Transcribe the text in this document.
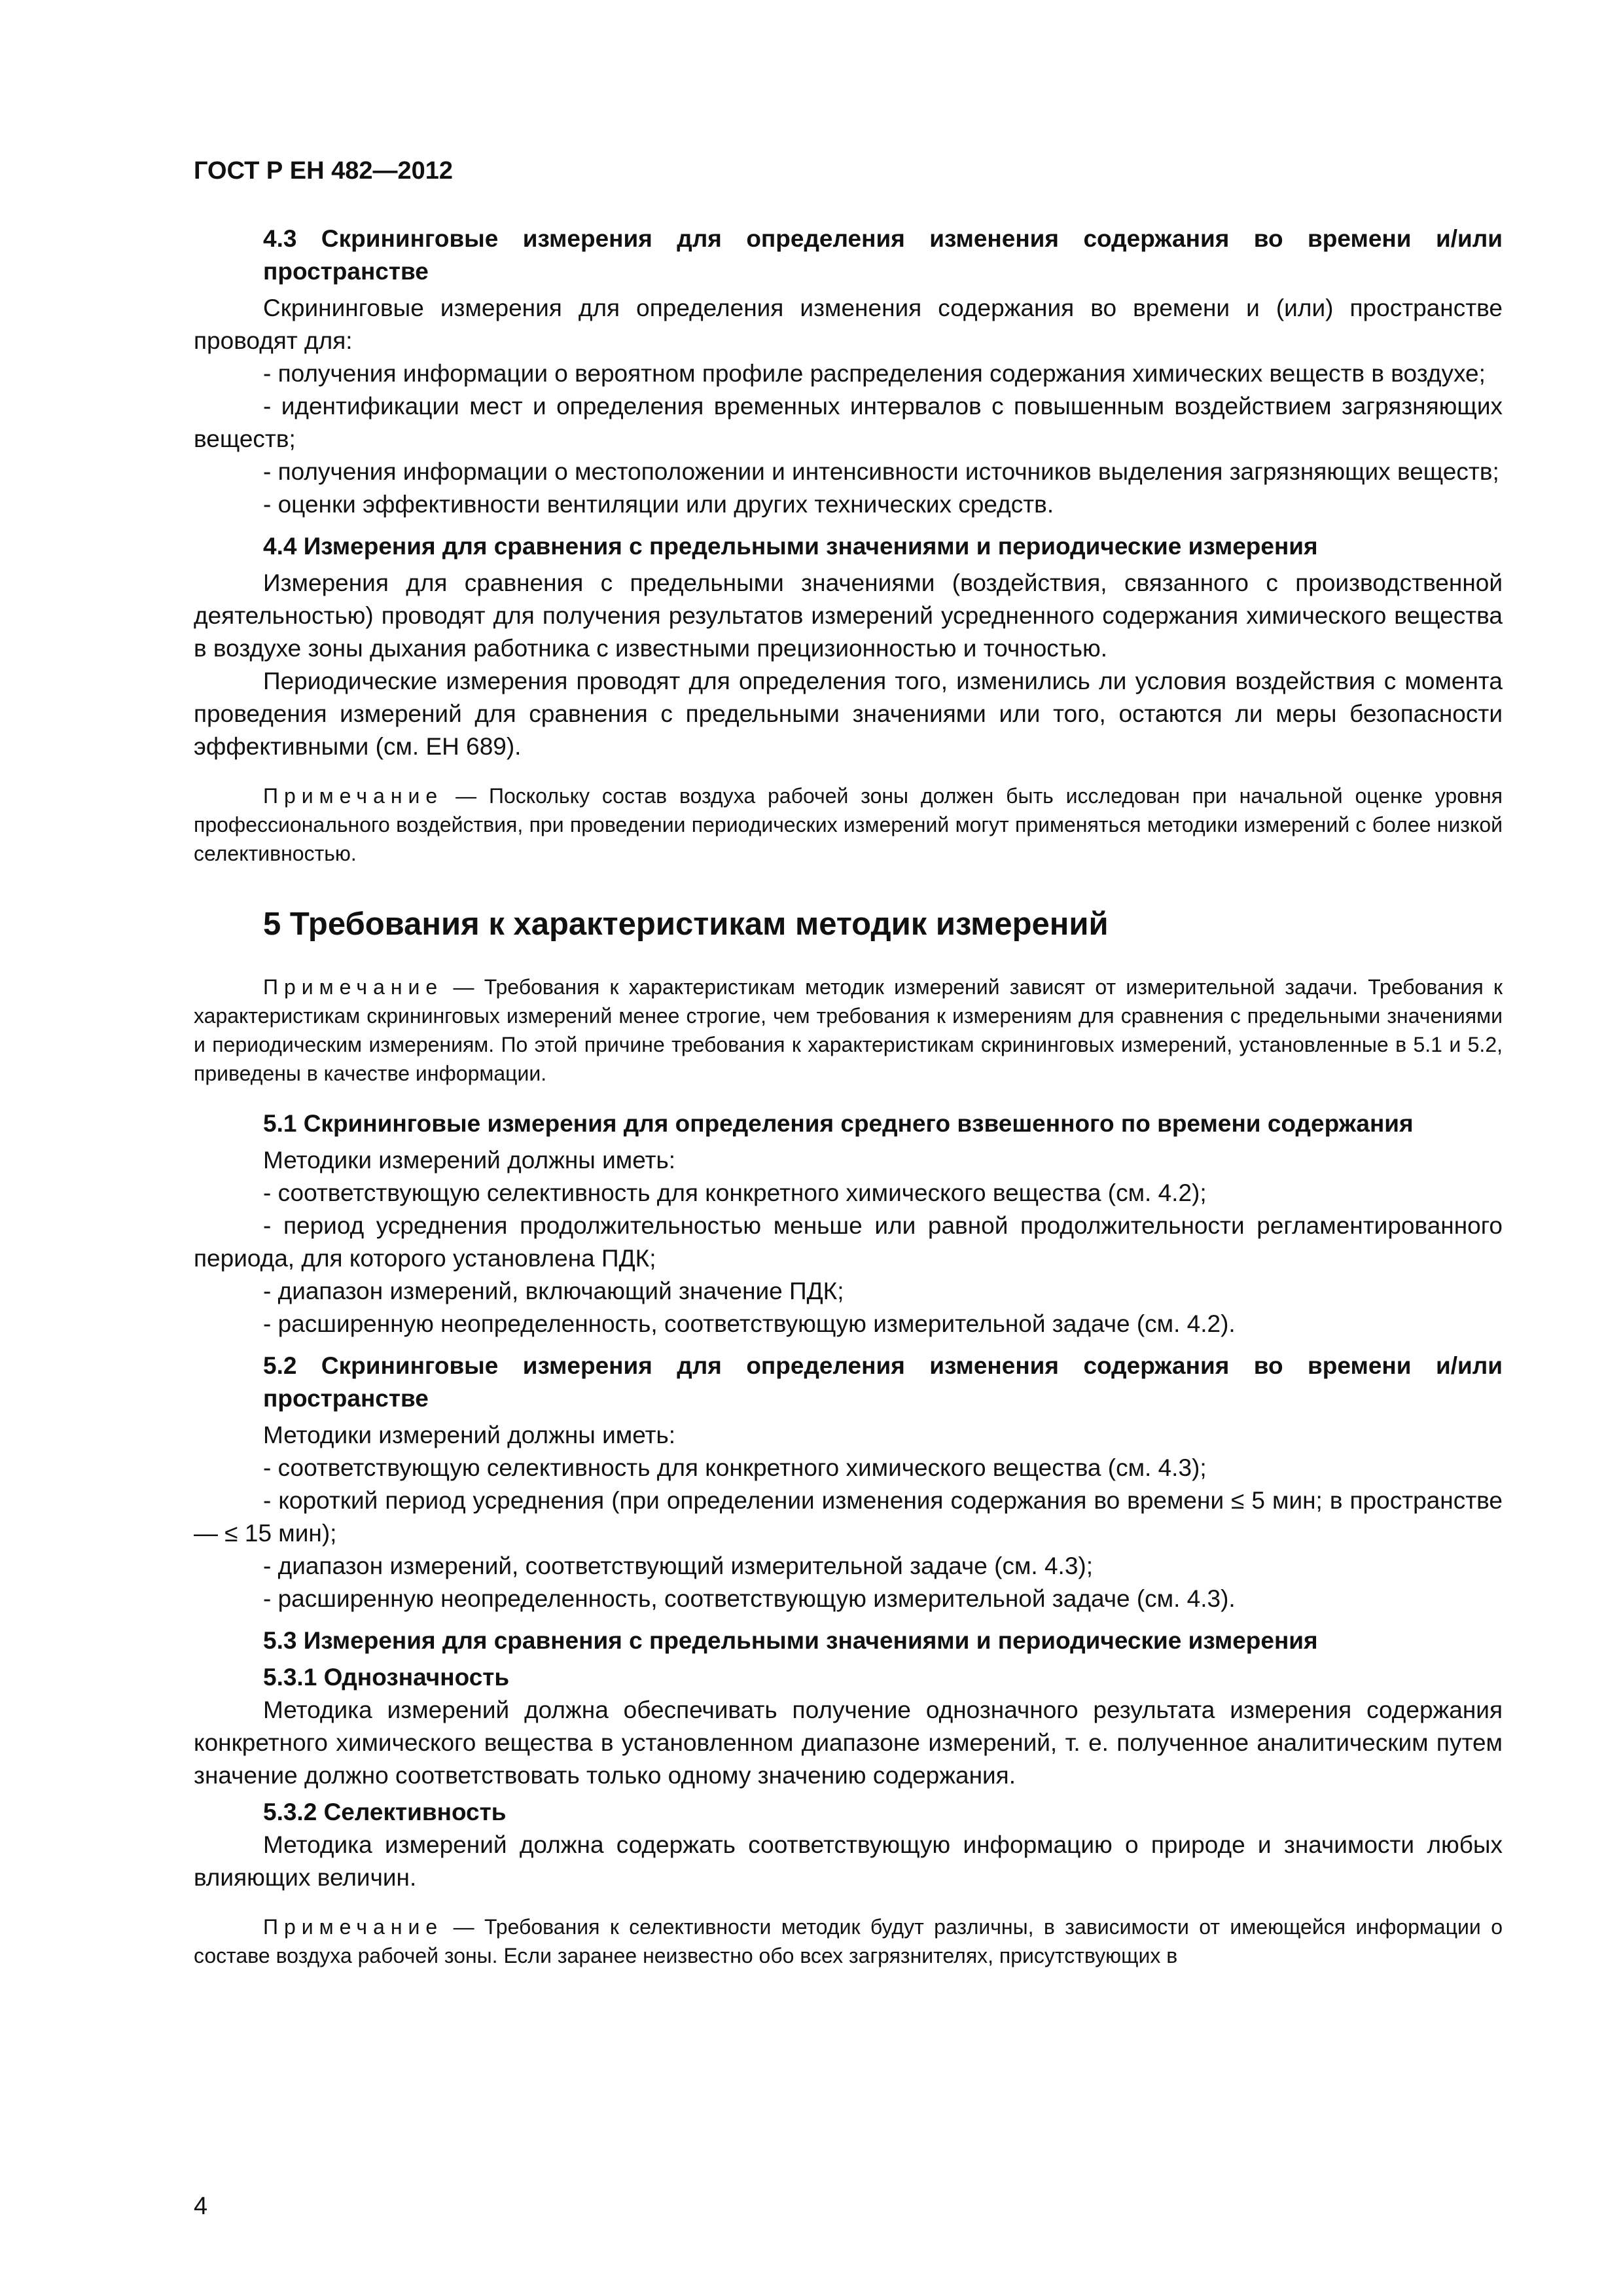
ГОСТ Р ЕН 482—2012
4.3 Скрининговые измерения для определения изменения содержания во времени и/или пространстве

Скрининговые измерения для определения изменения содержания во времени и (или) пространстве проводят для:

- получения информации о вероятном профиле распределения содержания химических веществ в воздухе;

- идентификации мест и определения временных интервалов с повышенным воздействием загрязняющих веществ;

- получения информации о местоположении и интенсивности источников выделения загрязняющих веществ;

- оценки эффективности вентиляции или других технических средств.

4.4 Измерения для сравнения с предельными значениями и периодические измерения

Измерения для сравнения с предельными значениями (воздействия, связанного с производственной деятельностью) проводят для получения результатов измерений усредненного содержания химического вещества в воздухе зоны дыхания работника с известными прецизионностью и точностью.

Периодические измерения проводят для определения того, изменились ли условия воздействия с момента проведения измерений для сравнения с предельными значениями или того, остаются ли меры безопасности эффективными (см. ЕН 689).

Примечание — Поскольку состав воздуха рабочей зоны должен быть исследован при начальной оценке уровня профессионального воздействия, при проведении периодических измерений могут применяться методики измерений с более низкой селективностью.

5 Требования к характеристикам методик измерений

Примечание — Требования к характеристикам методик измерений зависят от измерительной задачи. Требования к характеристикам скрининговых измерений менее строгие, чем требования к измерениям для сравнения с предельными значениями и периодическим измерениям. По этой причине требования к характеристикам скрининговых измерений, установленные в 5.1 и 5.2, приведены в качестве информации.

5.1 Скрининговые измерения для определения среднего взвешенного по времени содержания

Методики измерений должны иметь:

- соответствующую селективность для конкретного химического вещества (см. 4.2);

- период усреднения продолжительностью меньше или равной продолжительности регламентированного периода, для которого установлена ПДК;

- диапазон измерений, включающий значение ПДК;

- расширенную неопределенность, соответствующую измерительной задаче (см. 4.2).

5.2 Скрининговые измерения для определения изменения содержания во времени и/или пространстве

Методики измерений должны иметь:

- соответствующую селективность для конкретного химического вещества (см. 4.3);

- короткий период усреднения (при определении изменения содержания во времени ≤ 5 мин; в пространстве — ≤ 15 мин);

- диапазон измерений, соответствующий измерительной задаче (см. 4.3);

- расширенную неопределенность, соответствующую измерительной задаче (см. 4.3).

5.3 Измерения для сравнения с предельными значениями и периодические измерения
5.3.1 Однозначность

Методика измерений должна обеспечивать получение однозначного результата измерения содержания конкретного химического вещества в установленном диапазоне измерений, т. е. полученное аналитическим путем значение должно соответствовать только одному значению содержания.

5.3.2 Селективность

Методика измерений должна содержать соответствующую информацию о природе и значимости любых влияющих величин.

Примечание — Требования к селективности методик будут различны, в зависимости от имеющейся информации о составе воздуха рабочей зоны. Если заранее неизвестно обо всех загрязнителях, присутствующих в

4
